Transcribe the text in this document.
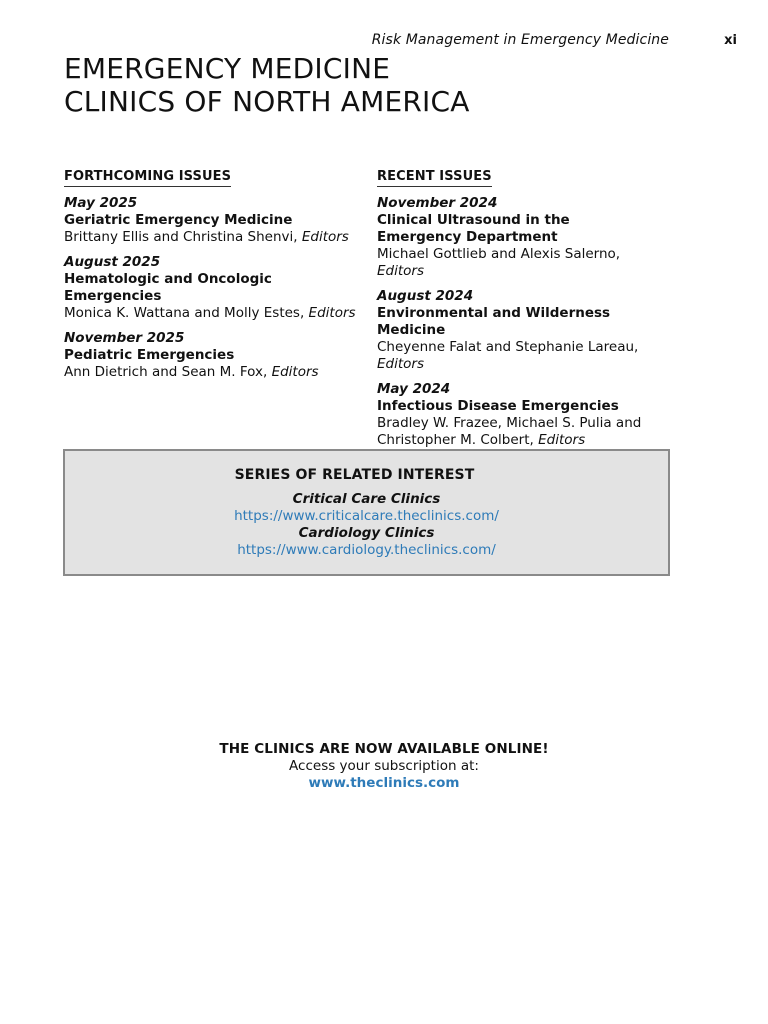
Risk Management in Emergency Medicine	xi
EMERGENCY MEDICINE
CLINICS OF NORTH AMERICA
FORTHCOMING ISSUES
May 2025
Geriatric Emergency Medicine
Brittany Ellis and Christina Shenvi, Editors
August 2025
Hematologic and Oncologic Emergencies
Monica K. Wattana and Molly Estes, Editors
November 2025
Pediatric Emergencies
Ann Dietrich and Sean M. Fox, Editors
RECENT ISSUES
November 2024
Clinical Ultrasound in the Emergency Department
Michael Gottlieb and Alexis Salerno,
Editors
August 2024
Environmental and Wilderness Medicine
Cheyenne Falat and Stephanie Lareau,
Editors
May 2024
Infectious Disease Emergencies
Bradley W. Frazee, Michael S. Pulia and Christopher M. Colbert, Editors
SERIES OF RELATED INTEREST
Critical Care Clinics
https://www.criticalcare.theclinics.com/
Cardiology Clinics
https://www.cardiology.theclinics.com/
THE CLINICS ARE NOW AVAILABLE ONLINE!
Access your subscription at:
www.theclinics.com
